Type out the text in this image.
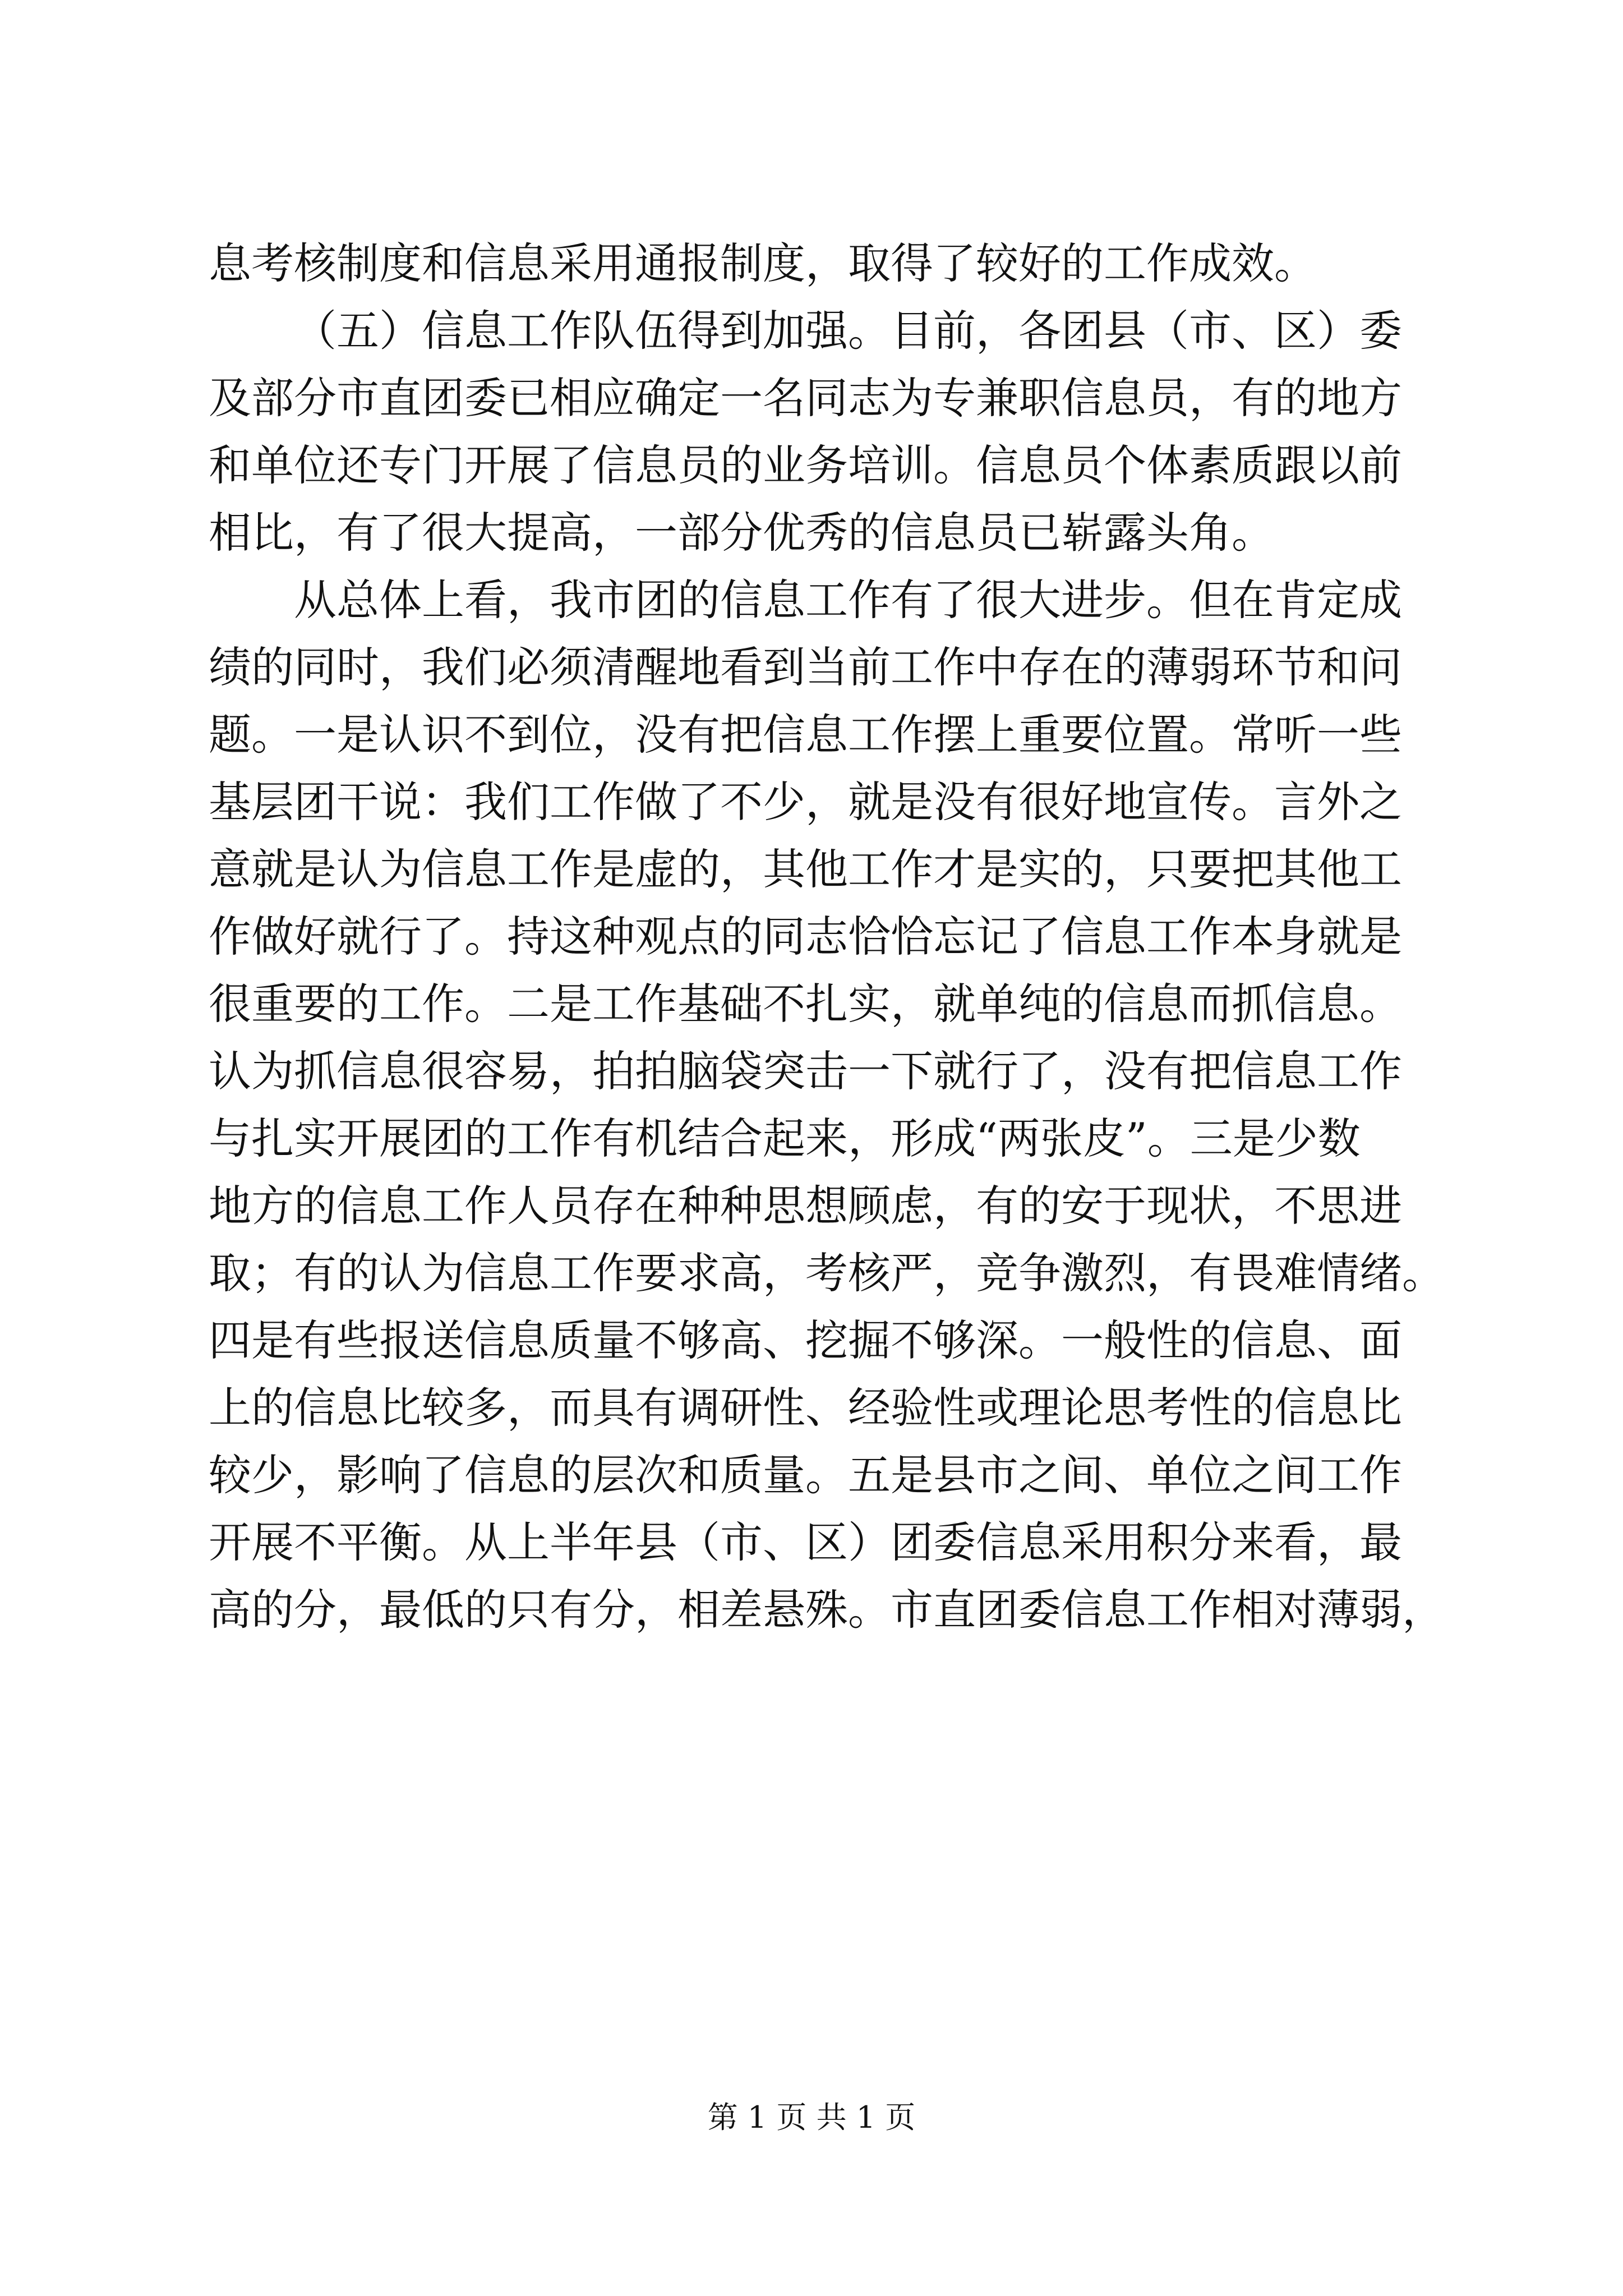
息考核制度和信息采用通报制度，取得了较好的工作成效。
（五）信息工作队伍得到加强。目前，各团县（市、区）委
及部分市直团委已相应确定一名同志为专兼职信息员，有的地方
和单位还专门开展了信息员的业务培训。信息员个体素质跟以前
相比，有了很大提高，一部分优秀的信息员已崭露头角。
从总体上看，我市团的信息工作有了很大进步。但在肯定成
绩的同时，我们必须清醒地看到当前工作中存在的薄弱环节和问
题。一是认识不到位，没有把信息工作摆上重要位置。常听一些
基层团干说：我们工作做了不少，就是没有很好地宣传。言外之
意就是认为信息工作是虚的，其他工作才是实的，只要把其他工
作做好就行了。持这种观点的同志恰恰忘记了信息工作本身就是
很重要的工作。二是工作基础不扎实，就单纯的信息而抓信息。
认为抓信息很容易，拍拍脑袋突击一下就行了，没有把信息工作
与扎实开展团的工作有机结合起来，形成“两张皮”。三是少数
地方的信息工作人员存在种种思想顾虑，有的安于现状，不思进
取；有的认为信息工作要求高，考核严，竞争激烈，有畏难情绪。
四是有些报送信息质量不够高、挖掘不够深。一般性的信息、面
上的信息比较多，而具有调研性、经验性或理论思考性的信息比
较少，影响了信息的层次和质量。五是县市之间、单位之间工作
开展不平衡。从上半年县（市、区）团委信息采用积分来看，最
高的分，最低的只有分，相差悬殊。市直团委信息工作相对薄弱，
第 1 页 共 1 页
